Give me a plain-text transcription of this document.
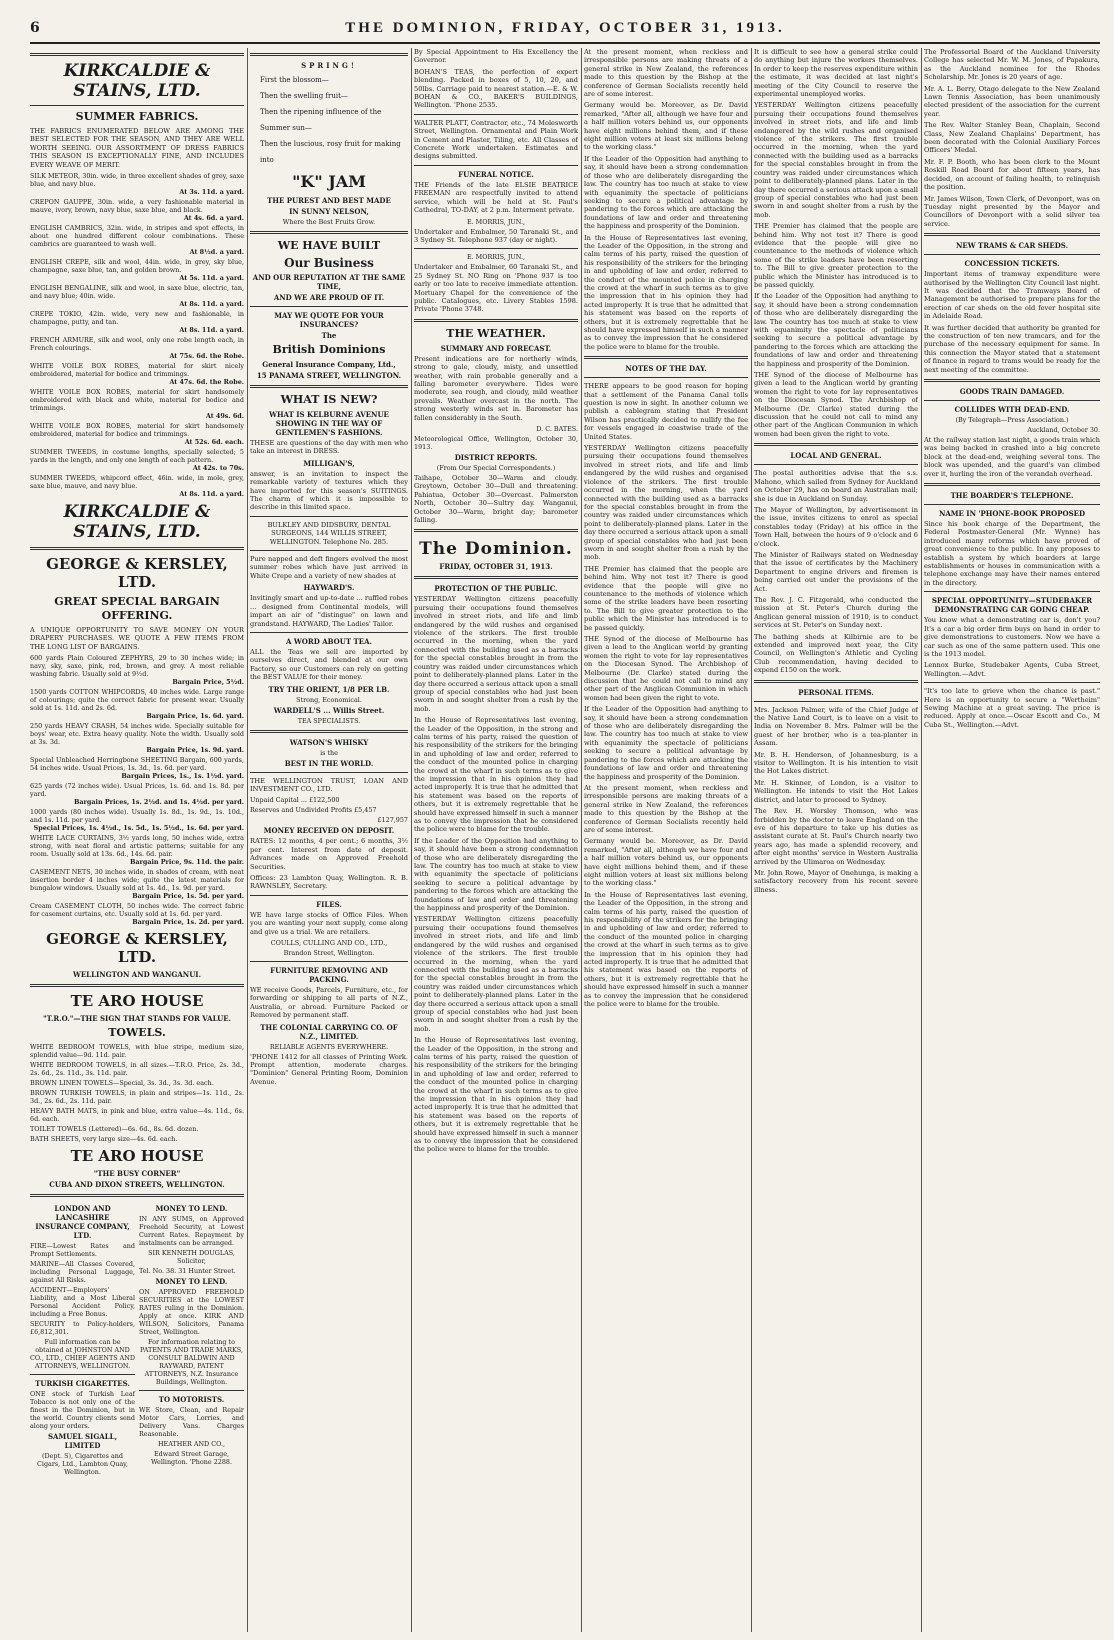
6	THE DOMINION, FRIDAY, OCTOBER 31, 1913.
KIRKCALDIE & STAINS, LTD.
SUMMER FABRICS.
THE FABRICS ENUMERATED BELOW ARE AMONG THE BEST SELECTED FOR THE SEASON, AND THEY ARE WELL WORTH SEEING. OUR ASSORTMENT OF DRESS FABRICS THIS SEASON IS EXCEPTIONALLY FINE, AND INCLUDES EVERY WEAVE OF MERIT.
SILK METEOR, 30in. wide, in three excellent shades of grey, saxe blue, and navy blue.
At 3s. 11d. a yard.
CREPON GAUPPE, 30in. wide, a very fashionable material in mauve, ivory, brown, navy blue, saxe blue, and black.
At 4s. 6d. a yard.
ENGLISH CAMBRICS, 32in. wide, in stripes and spot effects, in about one hundred different colour combinations. These cambrics are guaranteed to wash well.
At 8½d. a yard.
ENGLISH CREPE, silk and wool, 44in. wide, in grey, sky blue, champagne, saxe blue, tan, and golden brown.
At 5s. 11d. a yard.
ENGLISH BENGALINE, silk and wool, in saxe blue, electric, tan, and navy blue; 40in. wide.
At 8s. 11d. a yard.
CREPE TOKIO, 42in. wide, very new and fashionable, in champagne, putty, and tan.
At 8s. 11d. a yard.
FRENCH ARMURE, silk and wool, only one robe length each, in French colourings.
At 75s. 6d. the Robe.
WHITE VOILE BOX ROBES, material for skirt nicely embroidered, material for bodice and trimmings.
At 47s. 6d. the Robe.
WHITE VOILE BOX ROBES, material for skirt handsomely embroidered with black and white, material for bodice and trimmings.
At 49s. 6d.
WHITE VOILE BOX ROBES, material for skirt handsomely embroidered, material for bodice and trimmings.
At 52s. 6d. each.
SUMMER TWEEDS, in costume lengths, specially selected; 5 yards in the length, and only one length of each pattern.
At 42s. to 70s.
SUMMER TWEEDS, whipcord effect, 46in. wide, in mole, grey, saxe blue, mauve, and navy blue.
At 8s. 11d. a yard.
KIRKCALDIE & STAINS, LTD.
GEORGE & KERSLEY, LTD.
GREAT SPECIAL BARGAIN OFFERING.
A UNIQUE OPPORTUNITY TO SAVE MONEY ON YOUR DRAPERY PURCHASES. WE QUOTE A FEW ITEMS FROM THE LONG LIST OF BARGAINS.
600 yards Plain Coloured ZEPHYRS, 29 to 30 inches wide; in navy, sky, saxe, pink, red, brown, and grey. A most reliable washing fabric. Usually sold at 9½d.
Bargain Price, 5½d.
1500 yards COTTON WHIPCORDS, 40 inches wide. Large range of colourings; quite the correct fabric for present wear. Usually sold at 1s. 11d. and 2s. 6d.
Bargain Price, 1s. 6d. yard.
250 yards HEAVY CRASH, 54 inches wide. Specially suitable for boys' wear, etc. Extra heavy quality. Note the width. Usually sold at 3s. 3d.
Bargain Price, 1s. 9d. yard.
Special Unbleached Herringbone SHEETING Bargain, 600 yards, 54 inches wide. Usual Prices, 1s. 3d., 1s. 6d. per yard.
Bargain Prices, 1s., 1s. 1½d. yard.
625 yards (72 inches wide). Usual Prices, 1s. 6d. and 1s. 8d. per yard.
Bargain Prices, 1s. 2½d. and 1s. 4½d. per yard.
1000 yards (80 inches wide). Usually 1s. 8d., 1s. 9d., 1s. 10d., and 1s. 11d. per yard.
Special Prices, 1s. 4½d., 1s. 5d., 1s. 5½d., 1s. 6d. per yard.
WHITE LACE CURTAINS, 3½ yards long, 50 inches wide, extra strong, with neat floral and artistic patterns; suitable for any room. Usually sold at 13s. 6d., 14s. 6d. pair.
Bargain Price, 9s. 11d. the pair.
CASEMENT NETS, 30 inches wide, in shades of cream, with neat insertion border 4 inches wide; quite the latest materials for bungalow windows. Usually sold at 1s. 4d., 1s. 9d. per yard.
Bargain Price, 1s. 5d. per yard.
Cream CASEMENT CLOTH, 50 inches wide. The correct fabric for casement curtains, etc. Usually sold at 1s. 6d. per yard.
Bargain Price, 1s. 2d. per yard.
GEORGE & KERSLEY, LTD.
WELLINGTON AND WANGANUI.
TE ARO HOUSE
"T.R.O."—THE SIGN THAT STANDS FOR VALUE.
TOWELS.
WHITE BEDROOM TOWELS, with blue stripe, medium size, splendid value—9d. 11d. pair.
WHITE BEDROOM TOWELS, in all sizes.—T.R.O. Price, 2s. 3d., 2s. 6d., 2s. 11d., 3s. 11d. pair.
BROWN LINEN TOWELS—Special, 3s. 3d., 3s. 3d. each.
BROWN TURKISH TOWELS, in plain and stripes—1s. 11d., 2s. 3d., 2s. 6d., 2s. 11d. pair.
HEAVY BATH MATS, in pink and blue, extra value—4s. 11d., 6s. 6d. each.
TOILET TOWELS (Lettered)—6s. 6d., 8s. 6d. dozen.
BATH SHEETS, very large size—4s. 6d. each.
TE ARO HOUSE
"THE BUSY CORNER"
CUBA AND DIXON STREETS, WELLINGTON.
LONDON AND LANCASHIRE INSURANCE COMPANY, LTD.
FIRE—Lowest Rates and Prompt Settlements.
MARINE—All Classes Covered, including Personal Luggage, against All Risks.
ACCIDENT—Employers' Liability, and a Most Liberal Personal Accident Policy, including a Free Bonus.
SECURITY to Policy-holders, £6,812,301.
Full information can be obtained at JOHNSTON AND CO., LTD., CHIEF AGENTS AND ATTORNEYS, WELLINGTON.
TURKISH CIGARETTES.
ONE stock of Turkish Leaf Tobacco is not only one of the finest in the Dominion, but in the world. Country clients send along your orders.
SAMUEL SIGALL, LIMITED
(Dept. S), Cigarettes and Cigars, Ltd., Lambton Quay, Wellington.
MONEY TO LEND.
IN ANY SUMS, on Approved Freehold Security, at Lowest Current Rates. Repayment by instalments can be arranged.
SIR KENNETH DOUGLAS, Solicitor,
Tel. No. 38. 31 Hunter Street.
MONEY TO LEND.
ON APPROVED FREEHOLD SECURITIES at the LOWEST RATES ruling in the Dominion. Apply at once. KIRK AND WILSON, Solicitors, Panama Street, Wellington.
For information relating to PATENTS AND TRADE MARKS, CONSULT BALDWIN AND RAYWARD, PATENT ATTORNEYS, N.Z. Insurance Buildings, Wellington.
TO MOTORISTS.
WE Store, Clean, and Repair Motor Cars, Lorries, and Delivery Vans. Charges Reasonable.
HEATHER AND CO.,
Edward Street Garage, Wellington. 'Phone 2288.
SPRING!

First the blossom—

Then the swelling fruit—

Then the ripening influence of the Summer sun—

Then the luscious, rosy fruit for making into

"K" JAM
THE PUREST AND BEST MADE
IN SUNNY NELSON,
Where the Best Fruits Grow.
WE HAVE BUILT
Our Business
AND OUR REPUTATION AT THE SAME TIME,
AND WE ARE PROUD OF IT.
MAY WE QUOTE FOR YOUR INSURANCES?
The
British Dominions
General Insurance Company, Ltd.,
15 PANAMA STREET, WELLINGTON.
WHAT IS NEW?
WHAT IS KELBURNE AVENUE SHOWING IN THE WAY OF GENTLEMEN'S FASHIONS.
THESE are questions of the day with men who take an interest in DRESS.
MILLIGAN'S,
answer, is an invitation to inspect the remarkable variety of textures which they have imported for this season's SUITINGS. The charm of which it is impossible to describe in this limited space.
BULKLEY AND DIDSBURY, DENTAL SURGEONS, 144 WILLIS STREET, WELLINGTON. Telephone No. 285.
Pure napped and deft fingers evolved the most summer robes which have just arrived in White Crepe and a variety of new shades at
HAYWARD'S.
Invitingly smart and up-to-date ... ruffled robes ... designed from Continental models, will impart an air of "distingue" on lawn and grandstand. HAYWARD, The Ladies' Tailor.
A WORD ABOUT TEA.
ALL the Teas we sell are imported by ourselves direct, and blended at our own Factory, so our Customers can rely on getting the BEST VALUE for their money.
TRY THE ORIENT, 1/8 PER LB.
Strong, Economical.
WARDELL'S ... Willis Street.
TEA SPECIALISTS.
WATSON'S WHISKY
is the
BEST IN THE WORLD.
THE WELLINGTON TRUST, LOAN AND INVESTMENT CO., LTD.
Unpaid Capital ... £122,500
Reserves and Undivided Profits £5,457
£127,957
MONEY RECEIVED ON DEPOSIT.
RATES: 12 months, 4 per cent.; 6 months, 3½ per cent. Interest from date of deposit. Advances made on Approved Freehold Securities.
Offices: 23 Lambton Quay, Wellington. R. B. RAWNSLEY, Secretary.
FILES.
WE have large stocks of Office Files. When you are wanting your next supply, come along and give us a trial. We are retailers.
COULLS, CULLING AND CO., LTD.,
Brandon Street, Wellington.
FURNITURE REMOVING AND PACKING.
WE receive Goods, Parcels, Furniture, etc., for forwarding or shipping to all parts of N.Z., Australia, or abroad. Furniture Packed or Removed by permanent staff.
THE COLONIAL CARRYING CO. OF N.Z., LIMITED.
RELIABLE AGENTS EVERYWHERE.
'PHONE 1412 for all classes of Printing Work. Prompt attention, moderate charges. "Dominion" General Printing Room, Dominion Avenue.
By Special Appointment to His Excellency the Governor.
BOHAN'S TEAS, the perfection of expert blending. Packed in boxes of 5, 10, 20, and 50lbs. Carriage paid to nearest station.—E. & W. BOHAN & CO., BAKER'S BUILDINGS, Wellington. 'Phone 2535.
WALTER PLATT, Contractor, etc., 74 Molesworth Street, Wellington. Ornamental and Plain Work in Cement and Plaster, Tiling, etc. All Classes of Concrete Work undertaken. Estimates and designs submitted.
FUNERAL NOTICE.
THE Friends of the late ELSIE BEATRICE FREEMAN are respectfully invited to attend service, which will be held at St. Paul's Cathedral, TO-DAY, at 2 p.m. Interment private.
E. MORRIS, JUN.,
Undertaker and Embalmer, 50 Taranaki St., and 3 Sydney St. Telephone 937 (day or night).
E. MORRIS, JUN.,
Undertaker and Embalmer, 60 Taranaki St., and 25 Sydney St. NO Ring on 'Phone 937 is too early or too late to receive immediate attention. Mortuary Chapel for the convenience of the public. Catalogues, etc. Livery Stables 1598. Private 'Phone 3748.
THE WEATHER.
SUMMARY AND FORECAST.
Present indications are for northerly winds, strong to gale, cloudy, misty, and unsettled weather, with rain probable generally and a falling barometer everywhere. Tides were moderate, sea rough, and cloudy, mild weather prevails. Weather overcast in the north. The strong westerly winds set in. Barometer has fallen considerably in the South.
D. C. BATES.
Meteorological Office, Wellington, October 30, 1913.
DISTRICT REPORTS.
(From Our Special Correspondents.)
Taihape, October 30—Warm and cloudy. Greytown, October 30—Dull and threatening. Pahiatua, October 30—Overcast. Palmerston North, October 30—Sultry day. Wanganui, October 30—Warm, bright day; barometer falling.
The Dominion.
FRIDAY, OCTOBER 31, 1913.
PROTECTION OF THE PUBLIC.
YESTERDAY Wellington citizens peacefully pursuing their occupations found themselves involved in street riots, and life and limb endangered by the wild rushes and organised violence of the strikers. The first trouble occurred in the morning, when the yard connected with the building used as a barracks for the special constables brought in from the country was raided under circumstances which point to deliberately-planned plans. Later in the day there occurred a serious attack upon a small group of special constables who had just been sworn in and sought shelter from a rush by the mob.
In the House of Representatives last evening, the Leader of the Opposition, in the strong and calm terms of his party, raised the question of his responsibility of the strikers for the bringing in and upholding of law and order, referred to the conduct of the mounted police in charging the crowd at the wharf in such terms as to give the impression that in his opinion they had acted improperly. It is true that he admitted that his statement was based on the reports of others, but it is extremely regrettable that he should have expressed himself in such a manner as to convey the impression that he considered the police were to blame for the trouble.
If the Leader of the Opposition had anything to say, it should have been a strong condemnation of those who are deliberately disregarding the law. The country has too much at stake to view with equanimity the spectacle of politicians seeking to secure a political advantage by pandering to the forces which are attacking the foundations of law and order and threatening the happiness and prosperity of the Dominion.
YESTERDAY Wellington citizens peacefully pursuing their occupations found themselves involved in street riots, and life and limb endangered by the wild rushes and organised violence of the strikers. The first trouble occurred in the morning, when the yard connected with the building used as a barracks for the special constables brought in from the country was raided under circumstances which point to deliberately-planned plans. Later in the day there occurred a serious attack upon a small group of special constables who had just been sworn in and sought shelter from a rush by the mob.
In the House of Representatives last evening, the Leader of the Opposition, in the strong and calm terms of his party, raised the question of his responsibility of the strikers for the bringing in and upholding of law and order, referred to the conduct of the mounted police in charging the crowd at the wharf in such terms as to give the impression that in his opinion they had acted improperly. It is true that he admitted that his statement was based on the reports of others, but it is extremely regrettable that he should have expressed himself in such a manner as to convey the impression that he considered the police were to blame for the trouble.
At the present moment, when reckless and irresponsible persons are making threats of a general strike in New Zealand, the references made to this question by the Bishop at the conference of German Socialists recently held are of some interest.
Germany would be. Moreover, as Dr. David remarked, "After all, although we have four and a half million voters behind us, our opponents have eight millions behind them, and if these eight million voters at least six millions belong to the working class."
If the Leader of the Opposition had anything to say, it should have been a strong condemnation of those who are deliberately disregarding the law. The country has too much at stake to view with equanimity the spectacle of politicians seeking to secure a political advantage by pandering to the forces which are attacking the foundations of law and order and threatening the happiness and prosperity of the Dominion.
In the House of Representatives last evening, the Leader of the Opposition, in the strong and calm terms of his party, raised the question of his responsibility of the strikers for the bringing in and upholding of law and order, referred to the conduct of the mounted police in charging the crowd at the wharf in such terms as to give the impression that in his opinion they had acted improperly. It is true that he admitted that his statement was based on the reports of others, but it is extremely regrettable that he should have expressed himself in such a manner as to convey the impression that he considered the police were to blame for the trouble.
NOTES OF THE DAY.
THERE appears to be good reason for hoping that a settlement of the Panama Canal tolls question is now in sight. In another column we publish a cablegram stating that President Wilson has practically decided to nullify the fee for vessels engaged in coastwise trade of the United States.
YESTERDAY Wellington citizens peacefully pursuing their occupations found themselves involved in street riots, and life and limb endangered by the wild rushes and organised violence of the strikers. The first trouble occurred in the morning, when the yard connected with the building used as a barracks for the special constables brought in from the country was raided under circumstances which point to deliberately-planned plans. Later in the day there occurred a serious attack upon a small group of special constables who had just been sworn in and sought shelter from a rush by the mob.
THE Premier has claimed that the people are behind him. Why not test it? There is good evidence that the people will give no countenance to the methods of violence which some of the strike leaders have been resorting to. The Bill to give greater protection to the public which the Minister has introduced is to be passed quickly.
THE Synod of the diocese of Melbourne has given a lead to the Anglican world by granting women the right to vote for lay representatives on the Diocesan Synod. The Archbishop of Melbourne (Dr. Clarke) stated during the discussion that he could not call to mind any other part of the Anglican Communion in which women had been given the right to vote.
If the Leader of the Opposition had anything to say, it should have been a strong condemnation of those who are deliberately disregarding the law. The country has too much at stake to view with equanimity the spectacle of politicians seeking to secure a political advantage by pandering to the forces which are attacking the foundations of law and order and threatening the happiness and prosperity of the Dominion.
At the present moment, when reckless and irresponsible persons are making threats of a general strike in New Zealand, the references made to this question by the Bishop at the conference of German Socialists recently held are of some interest.
Germany would be. Moreover, as Dr. David remarked, "After all, although we have four and a half million voters behind us, our opponents have eight millions behind them, and if these eight million voters at least six millions belong to the working class."
In the House of Representatives last evening, the Leader of the Opposition, in the strong and calm terms of his party, raised the question of his responsibility of the strikers for the bringing in and upholding of law and order, referred to the conduct of the mounted police in charging the crowd at the wharf in such terms as to give the impression that in his opinion they had acted improperly. It is true that he admitted that his statement was based on the reports of others, but it is extremely regrettable that he should have expressed himself in such a manner as to convey the impression that he considered the police were to blame for the trouble.
It is difficult to see how a general strike could do anything but injure the workers themselves. In order to keep the reserves expenditure within the estimate, it was decided at last night's meeting of the City Council to reserve the experimental unemployed works.
YESTERDAY Wellington citizens peacefully pursuing their occupations found themselves involved in street riots, and life and limb endangered by the wild rushes and organised violence of the strikers. The first trouble occurred in the morning, when the yard connected with the building used as a barracks for the special constables brought in from the country was raided under circumstances which point to deliberately-planned plans. Later in the day there occurred a serious attack upon a small group of special constables who had just been sworn in and sought shelter from a rush by the mob.
THE Premier has claimed that the people are behind him. Why not test it? There is good evidence that the people will give no countenance to the methods of violence which some of the strike leaders have been resorting to. The Bill to give greater protection to the public which the Minister has introduced is to be passed quickly.
If the Leader of the Opposition had anything to say, it should have been a strong condemnation of those who are deliberately disregarding the law. The country has too much at stake to view with equanimity the spectacle of politicians seeking to secure a political advantage by pandering to the forces which are attacking the foundations of law and order and threatening the happiness and prosperity of the Dominion.
THE Synod of the diocese of Melbourne has given a lead to the Anglican world by granting women the right to vote for lay representatives on the Diocesan Synod. The Archbishop of Melbourne (Dr. Clarke) stated during the discussion that he could not call to mind any other part of the Anglican Communion in which women had been given the right to vote.
LOCAL AND GENERAL.
The postal authorities advise that the s.s. Mahono, which sailed from Sydney for Auckland on October 29, has on board an Australian mail; she is due in Auckland on Sunday.
The Mayor of Wellington, by advertisement in the issue, invites citizens to enrol as special constables today (Friday) at his office in the Town Hall, between the hours of 9 o'clock and 6 o'clock.
The Minister of Railways stated on Wednesday that the issue of certificates by the Machinery Department to engine drivers and firemen is being carried out under the provisions of the Act.
The Rev. J. C. Fitzgerald, who conducted the mission at St. Peter's Church during the Anglican general mission of 1910, is to conduct services at St. Peter's on Sunday next.
The bathing sheds at Kilbirnie are to be extended and improved next year, the City Council, on Wellington's Athletic and Cycling Club recommendation, having decided to expend £150 on the work.
PERSONAL ITEMS.
Mrs. Jackson Palmer, wife of the Chief Judge of the Native Land Court, is to leave on a visit to India on November 8. Mrs. Palmer will be the guest of her brother, who is a tea-planter in Assam.
Mr. B. H. Henderson, of Johannesburg, is a visitor to Wellington. It is his intention to visit the Hot Lakes district.
Mr. H. Skinner, of London, is a visitor to Wellington. He intends to visit the Hot Lakes district, and later to proceed to Sydney.
The Rev. H. Worsley Thomson, who was forbidden by the doctor to leave England on the eve of his departure to take up his duties as assistant curate at St. Paul's Church nearly two years ago, has made a splendid recovery, and after eight months' service in Western Australia arrived by the Ulimaroa on Wednesday.
Mr. John Rowe, Mayor of Onehunga, is making a satisfactory recovery from his recent severe illness.
The Professorial Board of the Auckland University College has selected Mr. W. M. Jones, of Papakura, as the Auckland nominee for the Rhodes Scholarship. Mr. Jones is 20 years of age.
Mr. A. L. Berry, Otago delegate to the New Zealand Lawn Tennis Association, has been unanimously elected president of the association for the current year.
The Rev. Walter Stanley Bean, Chaplain, Second Class, New Zealand Chaplains' Department, has been decorated with the Colonial Auxiliary Forces Officers' Medal.
Mr. F. P. Booth, who has been clerk to the Mount Roskill Road Board for about fifteen years, has decided, on account of failing health, to relinquish the position.
Mr. James Wilson, Town Clerk, of Devonport, was on Tuesday night presented by the Mayor and Councillors of Devonport with a solid silver tea service.
NEW TRAMS & CAR SHEDS.
CONCESSION TICKETS.
Important items of tramway expenditure were authorised by the Wellington City Council last night. It was decided that the Tramways Board of Management be authorised to prepare plans for the erection of car sheds on the old fever hospital site in Adelaide Road.
It was further decided that authority be granted for the construction of ten new tramcars, and for the purchase of the necessary equipment for same. In this connection the Mayor stated that a statement of finance in regard to trams would be ready for the next meeting of the committee.
GOODS TRAIN DAMAGED.
COLLIDES WITH DEAD-END.
(By Telegraph—Press Association.)
Auckland, October 30.
At the railway station last night, a goods train which was being backed in crashed into a big concrete block at the dead-end, weighing several tons. The block was upended, and the guard's van climbed over it, hurling the iron of the verandah overhead.
THE BOARDER'S TELEPHONE.
NAME IN 'PHONE-BOOK PROPOSED
Since his book charge of the Department, the Federal Postmaster-General (Mr. Wynne) has introduced many reforms which have proved of great convenience to the public. In any proposes to establish a system by which boarders at large establishments or houses in communication with a telephone exchange may have their names entered in the directory.
SPECIAL OPPORTUNITY—STUDEBAKER DEMONSTRATING CAR GOING CHEAP.
You know what a demonstrating car is, don't you? It's a car a big order firm buys on hand in order to give demonstrations to customers. Now we have a car such as one of the same pattern used. This one is the 1913 model.
Lennox Burke, Studebaker Agents, Cuba Street, Wellington.—Advt.
"It's too late to grieve when the chance is past." Here is an opportunity to secure a "Wertheim" Sewing Machine at a great saving. The price is reduced. Apply at once.—Oscar Escott and Co., M Cuba St., Wellington.—Advt.
